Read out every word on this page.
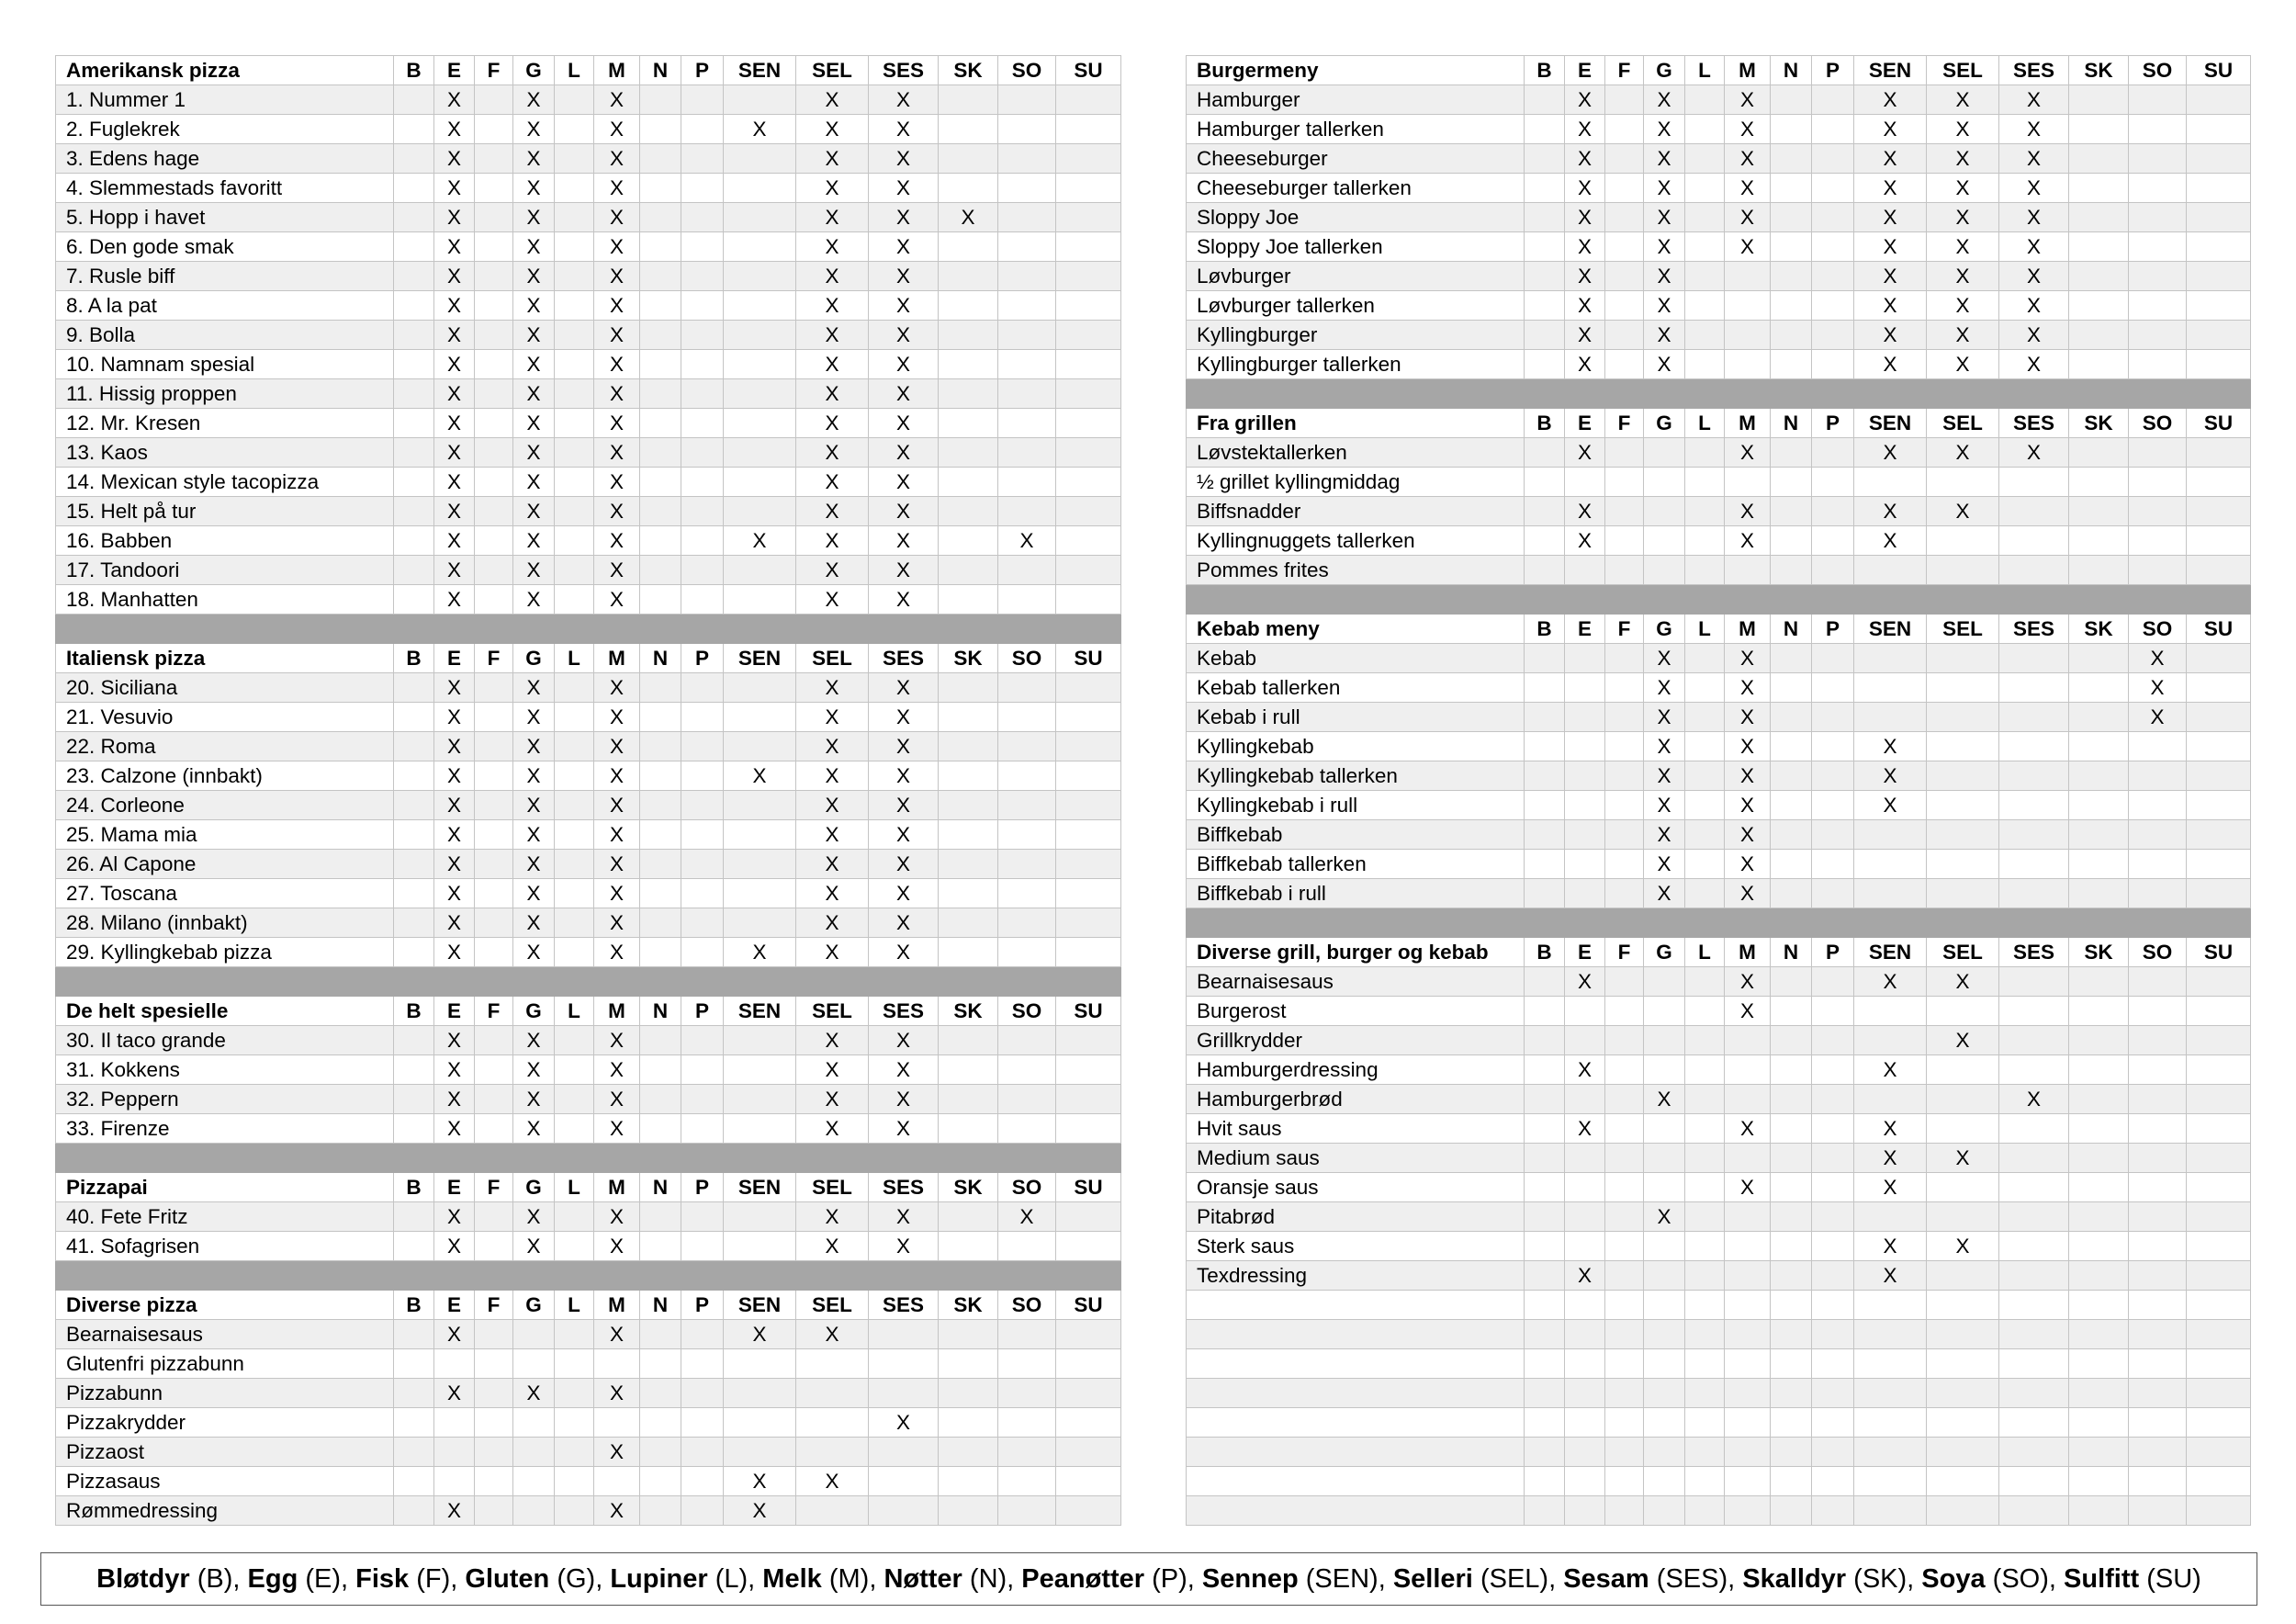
Amerikansk pizza	B	E	F	G	L	M	N	P	SEN	SEL	SES	SK	SO	SU
1. Nummer 1		X		X		X				X	X			
2. Fuglekrek		X		X		X			X	X	X			
3. Edens hage		X		X		X				X	X			
4. Slemmestads favoritt		X		X		X				X	X			
5. Hopp i havet		X		X		X				X	X	X		
6. Den gode smak		X		X		X				X	X			
7. Rusle biff		X		X		X				X	X			
8. A la pat		X		X		X				X	X			
9. Bolla		X		X		X				X	X			
10. Namnam spesial		X		X		X				X	X			
11. Hissig proppen		X		X		X				X	X			
12. Mr. Kresen		X		X		X				X	X			
13. Kaos		X		X		X				X	X			
14. Mexican style tacopizza		X		X		X				X	X			
15. Helt på tur		X		X		X				X	X			
16. Babben		X		X		X			X	X	X		X	
17. Tandoori		X		X		X				X	X			
18. Manhatten		X		X		X				X	X			

Italiensk pizza	B	E	F	G	L	M	N	P	SEN	SEL	SES	SK	SO	SU
20. Siciliana		X		X		X				X	X			
21. Vesuvio		X		X		X				X	X			
22. Roma		X		X		X				X	X			
23. Calzone (innbakt)		X		X		X			X	X	X			
24. Corleone		X		X		X				X	X			
25. Mama mia		X		X		X				X	X			
26. Al Capone		X		X		X				X	X			
27. Toscana		X		X		X				X	X			
28. Milano (innbakt)		X		X		X				X	X			
29. Kyllingkebab pizza		X		X		X			X	X	X			

De helt spesielle	B	E	F	G	L	M	N	P	SEN	SEL	SES	SK	SO	SU
30. Il taco grande		X		X		X				X	X			
31. Kokkens		X		X		X				X	X			
32. Peppern		X		X		X				X	X			
33. Firenze		X		X		X				X	X			

Pizzapai	B	E	F	G	L	M	N	P	SEN	SEL	SES	SK	SO	SU
40. Fete Fritz		X		X		X				X	X		X	
41. Sofagrisen		X		X		X				X	X			

Diverse pizza	B	E	F	G	L	M	N	P	SEN	SEL	SES	SK	SO	SU
Bearnaisesaus		X				X			X	X				
Glutenfri pizzabunn														
Pizzabunn		X		X		X								
Pizzakrydder											X			
Pizzaost						X								
Pizzasaus									X	X				
Rømmedressing		X				X			X					
Burgermeny	B	E	F	G	L	M	N	P	SEN	SEL	SES	SK	SO	SU
Hamburger		X		X		X			X	X	X			
Hamburger tallerken		X		X		X			X	X	X			
Cheeseburger		X		X		X			X	X	X			
Cheeseburger tallerken		X		X		X			X	X	X			
Sloppy Joe		X		X		X			X	X	X			
Sloppy Joe tallerken		X		X		X			X	X	X			
Løvburger		X		X					X	X	X			
Løvburger tallerken		X		X					X	X	X			
Kyllingburger		X		X					X	X	X			
Kyllingburger tallerken		X		X					X	X	X			

Fra grillen	B	E	F	G	L	M	N	P	SEN	SEL	SES	SK	SO	SU
Løvstektallerken		X				X			X	X	X			
½ grillet kyllingmiddag														
Biffsnadder		X				X			X	X				
Kyllingnuggets tallerken		X				X			X					
Pommes frites														

Kebab meny	B	E	F	G	L	M	N	P	SEN	SEL	SES	SK	SO	SU
Kebab				X		X							X	
Kebab tallerken				X		X							X	
Kebab i rull				X		X							X	
Kyllingkebab				X		X			X					
Kyllingkebab tallerken				X		X			X					
Kyllingkebab i rull				X		X			X					
Biffkebab				X		X								
Biffkebab tallerken				X		X								
Biffkebab i rull				X		X								

Diverse grill, burger og kebab	B	E	F	G	L	M	N	P	SEN	SEL	SES	SK	SO	SU
Bearnaisesaus		X				X			X	X				
Burgerost						X								
Grillkrydder										X				
Hamburgerdressing		X							X					
Hamburgerbrød				X							X			
Hvit saus		X				X			X					
Medium saus									X	X				
Oransje saus						X			X					
Pitabrød				X										
Sterk saus									X	X				
Texdressing		X							X					

Bløtdyr (B), Egg (E), Fisk (F), Gluten (G), Lupiner (L), Melk (M), Nøtter (N), Peanøtter (P), Sennep (SEN), Selleri (SEL), Sesam (SES), Skalldyr (SK), Soya (SO), Sulfitt (SU)
